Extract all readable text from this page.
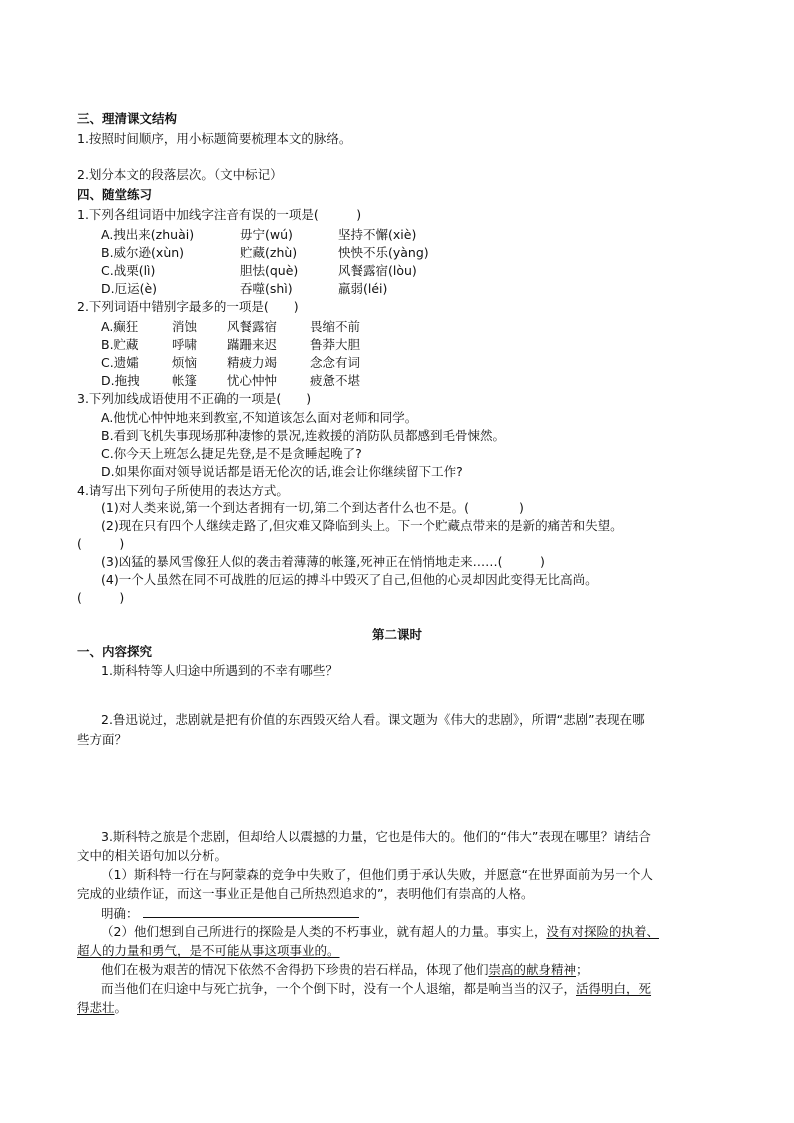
三、理清课文结构
1.按照时间顺序，用小标题简要梳理本文的脉络。
2.划分本文的段落层次。（文中标记）
四、随堂练习
1.下列各组词语中加线字注音有误的一项是(　　　)
A.拽出来(zhuài)	毋宁(wú)	坚持不懈(xiè)
B.威尔逊(xùn)	贮藏(zhù)	怏怏不乐(yàng)
C.战栗(lì)	胆怯(què)	风餐露宿(lòu)
D.厄运(è)	吞噬(shì)	羸弱(léi)
2.下列词语中错别字最多的一项是(　　)
A.癫狂	消蚀 风餐露宿	畏缩不前
B.贮藏	呼啸 蹣跚来迟	鲁莽大胆
C.遗孀	烦恼 精疲力竭	念念有词
D.拖拽	帐篷 忧心忡忡	疲惫不堪
3.下列加线成语使用不正确的一项是(　　)
A.他忧心忡忡地来到教室,不知道该怎么面对老师和同学。
B.看到飞机失事现场那种凄惨的景况,连救援的消防队员都感到毛骨悚然。
C.你今天上班怎么捷足先登,是不是贪睡起晚了?
D.如果你面对领导说话都是语无伦次的话,谁会让你继续留下工作?
4.请写出下列句子所使用的表达方式。
(1)对人类来说,第一个到达者拥有一切,第二个到达者什么也不是。(　　　　)
(2)现在只有四个人继续走路了,但灾难又降临到头上。下一个贮藏点带来的是新的痛苦和失望。
(　　　)
(3)凶猛的暴风雪像狂人似的袭击着薄薄的帐篷,死神正在悄悄地走来……(　　　)
(4)一个人虽然在同不可战胜的厄运的搏斗中毁灭了自己,但他的心灵却因此变得无比高尚。
(　　　)
第二课时
一、内容探究
1.斯科特等人归途中所遇到的不幸有哪些？
2.鲁迅说过，悲剧就是把有价值的东西毁灭给人看。课文题为《伟大的悲剧》，所谓“悲剧”表现在哪
些方面？
3.斯科特之旅是个悲剧，但却给人以震撼的力量，它也是伟大的。他们的“伟大”表现在哪里？请结合
文中的相关语句加以分析。
（1）斯科特一行在与阿蒙森的竞争中失败了，但他们勇于承认失败，并愿意“在世界面前为另一个人
完成的业绩作证，而这一事业正是他自己所热烈追求的”，表明他们有崇高的人格。
明确：
（2）他们想到自己所进行的探险是人类的不朽事业，就有超人的力量。事实上，没有对探险的执着、
超人的力量和勇气，是不可能从事这项事业的。
他们在极为艰苦的情况下依然不舍得扔下珍贵的岩石样品，体现了他们崇高的献身精神；
而当他们在归途中与死亡抗争，一个个倒下时，没有一个人退缩，都是响当当的汉子，活得明白，死
得悲壮。
